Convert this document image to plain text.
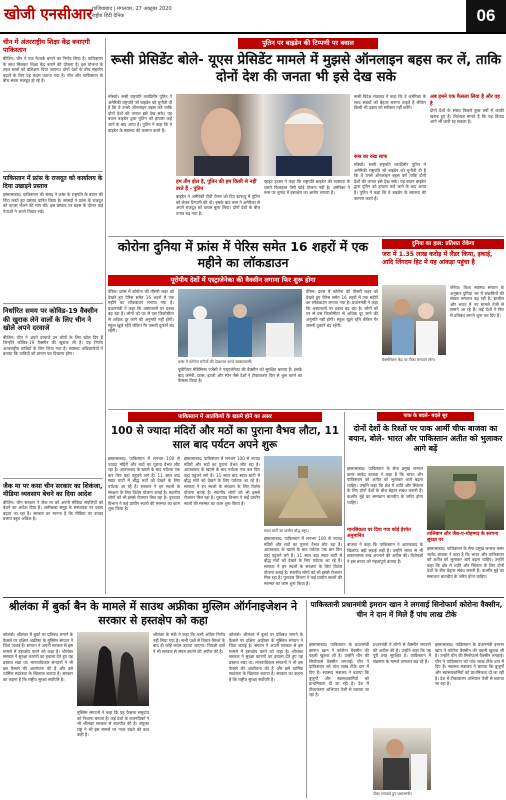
खोजी एनसीआर गाजियाबाद | मंगलवार, 27 अक्टूबर 2020
राष्ट्रीय हिंदी दैनिक	06
चीन में अंतरराष्ट्रीय शिक्षा केंद्र बनाएगी पाकिस्तान
बीजिंग। चीन ने एक नेटवर्क बनाने का निर्णय लिया है। पाकिस्तान के साथ मिलकर शिक्षा केंद्र बनाने की योजना है। इस योजना के तहत छात्रों को प्रशिक्षण दिया जाएगा। दोनों देशों के बीच सहयोग बढ़ाने के लिए यह कदम उठाया गया है। चीन और पाकिस्तान के बीच संबंध मजबूत हो रहे हैं।
पाकिस्तान में फ्रांस के राजदूत को कार्यालय के दिया उखाड़ने प्रस्ताव
इस्लामाबाद। पाकिस्तान की संसद ने फ्रांस के राष्ट्रपति के बयान की निंदा करते हुए प्रस्ताव पारित किया है। सांसदों ने फ्रांस के राजदूत को वापस भेजने की मांग की। इस प्रस्ताव पर बहस के दौरान कई नेताओं ने अपने विचार रखे।
निर्धारित समय पर कोविड-19 वैक्सीन की खुराक लेने वालों के लिए चीन ने खोले अपने दरवाजे
बीजिंग। चीन ने अपने दरवाजे उन लोगों के लिए खोल दिए हैं जिन्होंने कोविड-19 वैक्सीन की खुराक ली है। यह निर्णय अंतरराष्ट्रीय यात्रियों के लिए लिया गया है। स्वास्थ्य अधिकारियों ने बताया कि यात्रियों को प्रमाण पत्र दिखाना होगा।
जैक मा पर कसा चीन सरकार का शिकंजा, मीडिया व्यवसाय बेचने का दिया आदेश
बीजिंग। चीन सरकार ने जैक मा को अपनी मीडिया संपत्तियों को बेचने का आदेश दिया है। अलीबाबा समूह के संस्थापक पर दबाव बढ़ता जा रहा है। सरकार का मानना है कि मीडिया पर उनका प्रभाव बहुत अधिक है।
पुतिन पर बाइडेन की टिप्पणी पर बवाल
रूसी प्रेसिडेंट बोले- यूएस प्रेसिडेंट मामले में मुझसे ऑनलाइन बहस कर लें, ताकि दोनों देश की जनता भी इसे देख सके
मॉस्को। रूसी राष्ट्रपति व्लादिमीर पुतिन ने अमेरिकी राष्ट्रपति जो बाइडेन को चुनौती दी है कि वे उनसे ऑनलाइन बहस करें ताकि दोनों देशों की जनता इसे देख सके। यह बयान बाइडेन द्वारा पुतिन को हत्यारा कहे जाने के बाद आया है। पुतिन ने कहा कि वे बाइडेन के स्वास्थ्य की कामना करते हैं।
हम तीन झेल है, पुतिन की हम किसी से नहीं डरते हैं - पुतिन
बाइडेन ने अमेरिकी टीवी चैनल को दिए इंटरव्यू में पुतिन को लेकर टिप्पणी की थी। इसके बाद रूस ने अमेरिका से अपने राजदूत को वापस बुला लिया। दोनों देशों के बीच तनाव बढ़ गया है।
व्हाइट हाउस ने कहा कि राष्ट्रपति बाइडेन की व्यस्तता के चलते फिलहाल ऐसी कोई योजना नहीं है। अमेरिका ने रूस पर चुनाव में हस्तक्षेप का आरोप लगाया है।
रूसी विदेश मंत्रालय ने कहा कि वे अमेरिका के साथ संबंधों को बेहतर बनाना चाहते हैं लेकिन किसी भी दबाव को स्वीकार नहीं करेंगे।
रूस का रुख साफ
मॉस्को। रूसी राष्ट्रपति व्लादिमीर पुतिन ने अमेरिकी राष्ट्रपति जो बाइडेन को चुनौती दी है कि वे उनसे ऑनलाइन बहस करें ताकि दोनों देशों की जनता इसे देख सके। यह बयान बाइडेन द्वारा पुतिन को हत्यारा कहे जाने के बाद आया है। पुतिन ने कहा कि वे बाइडेन के स्वास्थ्य की कामना करते हैं।
अब हमने एक फैसला लिया है और वह है
दोनों देशों के संबंध पिछले कुछ वर्षों में काफी खराब हुए हैं। विशेषज्ञ मानते हैं कि यह विवाद आगे भी जारी रह सकता है।
कोरोना दुनिया में फ्रांस में पेरिस समेत 16 शहरों में एक महीने का लॉकडाउन
यूरोपीय देशों में एस्ट्राजेनेका की वैक्सीन लगाना फिर शुरू होगा
पेरिस। फ्रांस में कोरोना की तीसरी लहर को देखते हुए पेरिस समेत 16 शहरों में एक महीने का लॉकडाउन लगाया गया है। प्रधानमंत्री ने कहा कि अस्पतालों पर दबाव बढ़ रहा है। लोगों को घर से दस किलोमीटर से अधिक दूर जाने की अनुमति नहीं होगी। स्कूल खुले रहेंगे लेकिन गैर जरूरी दुकानें बंद रहेंगी।
फ्रांस में कोरोना मरीजों की देखभाल करते स्वास्थ्यकर्मी।
यूरोपियन मेडिसिन्स एजेंसी ने एस्ट्राजेनेका की वैक्सीन को सुरक्षित बताया है। इसके बाद जर्मनी, फ्रांस, इटली और स्पेन जैसे देशों ने टीकाकरण फिर से शुरू करने का फैसला किया है।
पेरिस। फ्रांस में कोरोना की तीसरी लहर को देखते हुए पेरिस समेत 16 शहरों में एक महीने का लॉकडाउन लगाया गया है। प्रधानमंत्री ने कहा कि अस्पतालों पर दबाव बढ़ रहा है। लोगों को घर से दस किलोमीटर से अधिक दूर जाने की अनुमति नहीं होगी। स्कूल खुले रहेंगे लेकिन गैर जरूरी दुकानें बंद रहेंगी।
दुनिया का हाल: प्रतिशत रोकेगा
जरा में 1.35 लाख करोड़ में लैंडर किया, इकाई, आदि लिंगदम हिट में यह आंकड़ा पहुंचा है
वैक्सीनेशन केंद्र पर टीका लगवाते लोग।
जेनेवा। विश्व स्वास्थ्य संगठन के अनुसार दुनिया भर में संक्रमितों की संख्या लगातार बढ़ रही है। ब्राजील और भारत में नए मामले तेजी से सामने आ रहे हैं। कई देशों ने फिर से प्रतिबंध लगाने शुरू कर दिए हैं।
पाकिस्तान में आतंकियों के खात्मे होने का असर
100 से ज्यादा मंदिरों और मठों का पुराना वैभव लौटा, 11 साल बाद पर्यटन अपने शुरू
इस्लामाबाद। पाकिस्तान में लगभग 100 से ज्यादा मंदिरों और मठों का पुराना वैभव लौट रहा है। आतंकवाद के खात्मे के बाद पर्यटक एक बार फिर यहां पहुंचने लगे हैं। 11 साल बाद स्वात घाटी में बौद्ध मठों को देखने के लिए पर्यटक आ रहे हैं। सरकार ने इन स्थलों के संरक्षण के लिए विशेष योजना बनाई है। स्थानीय लोगों को भी इससे रोजगार मिल रहा है। पुरातत्व विभाग ने कई प्राचीन स्थलों की मरम्मत का काम शुरू किया है।
इस्लामाबाद। पाकिस्तान में लगभग 100 से ज्यादा मंदिरों और मठों का पुराना वैभव लौट रहा है। आतंकवाद के खात्मे के बाद पर्यटक एक बार फिर यहां पहुंचने लगे हैं। 11 साल बाद स्वात घाटी में बौद्ध मठों को देखने के लिए पर्यटक आ रहे हैं। सरकार ने इन स्थलों के संरक्षण के लिए विशेष योजना बनाई है। स्थानीय लोगों को भी इससे रोजगार मिल रहा है। पुरातत्व विभाग ने कई प्राचीन स्थलों की मरम्मत का काम शुरू किया है।
स्वात घाटी का प्राचीन बौद्ध स्तूप।
इस्लामाबाद। पाकिस्तान में लगभग 100 से ज्यादा मंदिरों और मठों का पुराना वैभव लौट रहा है। आतंकवाद के खात्मे के बाद पर्यटक एक बार फिर यहां पहुंचने लगे हैं। 11 साल बाद स्वात घाटी में बौद्ध मठों को देखने के लिए पर्यटक आ रहे हैं। सरकार ने इन स्थलों के संरक्षण के लिए विशेष योजना बनाई है। स्थानीय लोगों को भी इससे रोजगार मिल रहा है। पुरातत्व विभाग ने कई प्राचीन स्थलों की मरम्मत का काम शुरू किया है।
पाक के बदले- बदले सुर
दोनों देशों के रिश्तों पर पाक आर्मी चीफ बाजवा का बयान, बोले- भारत और पाकिस्तान अतीत को भुलाकर आगे बढ़ें
इस्लामाबाद। पाकिस्तान के सेना प्रमुख जनरल कमर जावेद बाजवा ने कहा है कि भारत और पाकिस्तान को अतीत को भुलाकर आगे बढ़ना चाहिए। उन्होंने कहा कि क्षेत्र में शांति और स्थिरता के लिए दोनों देशों के बीच बेहतर संबंध जरूरी हैं। कश्मीर मुद्दे का समाधान बातचीत के जरिए होना चाहिए।
मानसिकता पर दिया गया कोई हेरफेर अनुमानित
बाजवा ने कहा कि पाकिस्तान ने आतंकवाद के खिलाफ बड़ी लड़ाई लड़ी है। उन्होंने भारत से भी सकारात्मक रुख अपनाने की अपील की। विशेषज्ञों ने इस बयान को महत्वपूर्ण बताया है।
तालिबान और जैश-ए-मोहम्मद के सरगना सुरक्षा पर
इस्लामाबाद। पाकिस्तान के सेना प्रमुख जनरल कमर जावेद बाजवा ने कहा है कि भारत और पाकिस्तान को अतीत को भुलाकर आगे बढ़ना चाहिए। उन्होंने कहा कि क्षेत्र में शांति और स्थिरता के लिए दोनों देशों के बीच बेहतर संबंध जरूरी हैं। कश्मीर मुद्दे का समाधान बातचीत के जरिए होना चाहिए।
श्रीलंका में बुर्का बैन के मामले में साउथ अफ्रीका मुस्लिम ऑर्गनाइजेशन ने सरकार से हस्तक्षेप को कहा
कोलंबो। श्रीलंका में बुर्का पर प्रतिबंध लगाने के फैसले पर दक्षिण अफ्रीका के मुस्लिम संगठन ने चिंता जताई है। संगठन ने अपनी सरकार से इस मामले में हस्तक्षेप करने को कहा है। श्रीलंका सरकार ने सुरक्षा कारणों का हवाला देते हुए यह प्रस्ताव रखा था। मानवाधिकार संगठनों ने भी इस फैसले की आलोचना की है और इसे धार्मिक स्वतंत्रता के खिलाफ बताया है। सरकार का कहना है कि राष्ट्रीय सुरक्षा सर्वोपरि है।
मुस्लिम संगठनों ने कहा कि यह फैसला समुदाय को निशाना बनाता है। कई देशों के राजनयिकों ने भी श्रीलंका सरकार से बातचीत की है। संयुक्त राष्ट्र ने भी इस मामले पर नजर रखने की बात कही है।
श्रीलंका के मंत्री ने कहा कि अभी अंतिम निर्णय नहीं लिया गया है। सभी पक्षों से विचार-विमर्श के बाद ही कोई कदम उठाया जाएगा। विपक्षी दलों ने भी सरकार से संयम बरतने की अपील की है।
कोलंबो। श्रीलंका में बुर्का पर प्रतिबंध लगाने के फैसले पर दक्षिण अफ्रीका के मुस्लिम संगठन ने चिंता जताई है। संगठन ने अपनी सरकार से इस मामले में हस्तक्षेप करने को कहा है। श्रीलंका सरकार ने सुरक्षा कारणों का हवाला देते हुए यह प्रस्ताव रखा था। मानवाधिकार संगठनों ने भी इस फैसले की आलोचना की है और इसे धार्मिक स्वतंत्रता के खिलाफ बताया है। सरकार का कहना है कि राष्ट्रीय सुरक्षा सर्वोपरि है।
पाकिस्तानी प्रधानमंत्री इमरान खान ने लगवाई सिनोफार्म कोरोना वैक्सीन, चीन ने दान में मिले हैं पांच लाख टीके
इस्लामाबाद। पाकिस्तान के प्रधानमंत्री इमरान खान ने कोरोना वैक्सीन की पहली खुराक ली है। उन्होंने चीन की सिनोफार्म वैक्सीन लगवाई। चीन ने पाकिस्तान को पांच लाख टीके दान में दिए हैं। स्वास्थ्य मंत्रालय ने बताया कि बुजुर्गों और स्वास्थ्यकर्मियों को प्राथमिकता दी जा रही है। देश में टीकाकरण अभियान तेजी से चलाया जा रहा है।
प्रधानमंत्री ने लोगों से वैक्सीन लगवाने की अपील की है। उन्होंने कहा कि यह पूरी तरह सुरक्षित है। पाकिस्तान में संक्रमण के मामले लगातार बढ़ रहे हैं।
टीका लगवाते हुए प्रधानमंत्री।
इस्लामाबाद। पाकिस्तान के प्रधानमंत्री इमरान खान ने कोरोना वैक्सीन की पहली खुराक ली है। उन्होंने चीन की सिनोफार्म वैक्सीन लगवाई। चीन ने पाकिस्तान को पांच लाख टीके दान में दिए हैं। स्वास्थ्य मंत्रालय ने बताया कि बुजुर्गों और स्वास्थ्यकर्मियों को प्राथमिकता दी जा रही है। देश में टीकाकरण अभियान तेजी से चलाया जा रहा है।
